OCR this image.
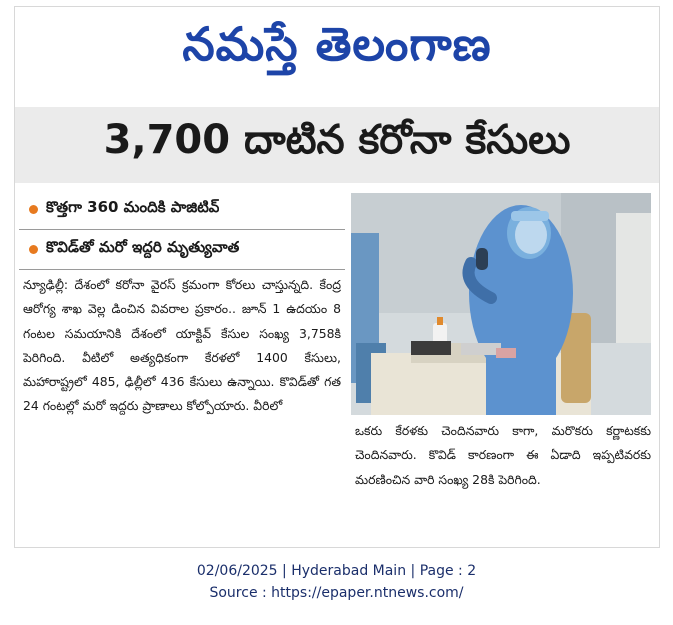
నమస్తే తెలంగాణ
3,700 దాటిన కరోనా కేసులు
కొత్తగా 360 మందికి పాజిటివ్
కొవిడ్‌తో మరో ఇద్దరి మృత్యువాత
న్యూఢిల్లీ: దేశంలో కరోనా వైరస్ క్రమంగా కోరలు చాస్తున్నది. కేంద్ర ఆరోగ్య శాఖ వెల్ల డించిన వివరాల ప్రకారం.. జూన్ 1 ఉదయం 8 గంటల సమయానికి దేశంలో యాక్టివ్ కేసుల సంఖ్య 3,758కి పెరిగింది. వీటిలో అత్యధికంగా కేరళలో 1400 కేసులు, మహారాష్ట్రలో 485, ఢిల్లీలో 436 కేసులు ఉన్నాయి. కొవిడ్‌తో గత 24 గంటల్లో మరో ఇద్దరు ప్రాణాలు కోల్పోయారు. వీరిలో
ఒకరు కేరళకు చెందినవారు కాగా, మరొకరు కర్ణాటకకు చెందినవారు. కొవిడ్ కారణంగా ఈ ఏడాది ఇప్పటివరకు మరణించిన వారి సంఖ్య 28కి పెరిగింది.
02/06/2025 | Hyderabad Main | Page : 2
Source : https://epaper.ntnews.com/
